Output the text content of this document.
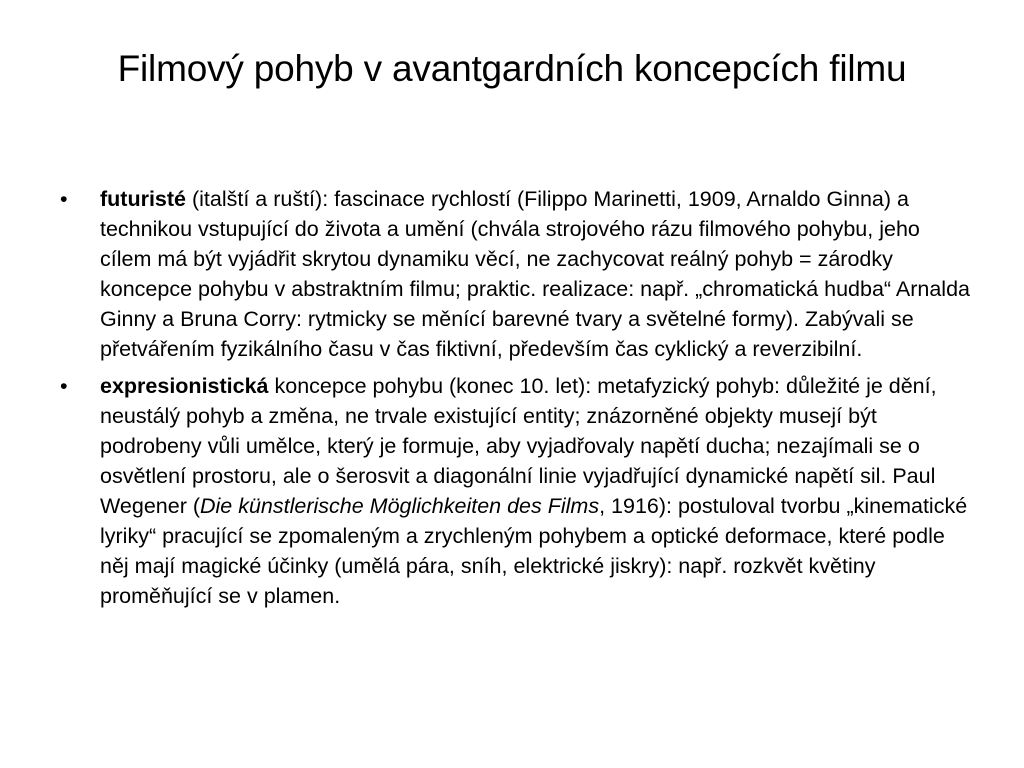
Filmový pohyb v avantgardních koncepcích filmu
•	futuristé (italští a ruští): fascinace rychlostí (Filippo Marinetti, 1909, Arnaldo Ginna) a technikou vstupující do života a umění (chvála strojového rázu filmového pohybu, jeho cílem má být vyjádřit skrytou dynamiku věcí, ne zachycovat reálný pohyb = zárodky koncepce pohybu v abstraktním filmu; praktic. realizace: např. „chromatická hudba“ Arnalda Ginny a Bruna Corry: rytmicky se měnící barevné tvary a světelné formy). Zabývali se přetvářením fyzikálního času v čas fiktivní, především čas cyklický a reverzibilní.
•	expresionistická koncepce pohybu (konec 10. let): metafyzický pohyb: důležité je dění, neustálý pohyb a změna, ne trvale existující entity; znázorněné objekty musejí být podrobeny vůli umělce, který je formuje, aby vyjadřovaly napětí ducha; nezajímali se o osvětlení prostoru, ale o šerosvit a diagonální linie vyjadřující dynamické napětí sil. Paul Wegener (Die künstlerische Möglichkeiten des Films, 1916): postuloval tvorbu „kinematické lyriky“ pracující se zpomaleným a zrychleným pohybem a optické deformace, které podle něj mají magické účinky (umělá pára, sníh, elektrické jiskry): např. rozkvět květiny proměňující se v plamen.
